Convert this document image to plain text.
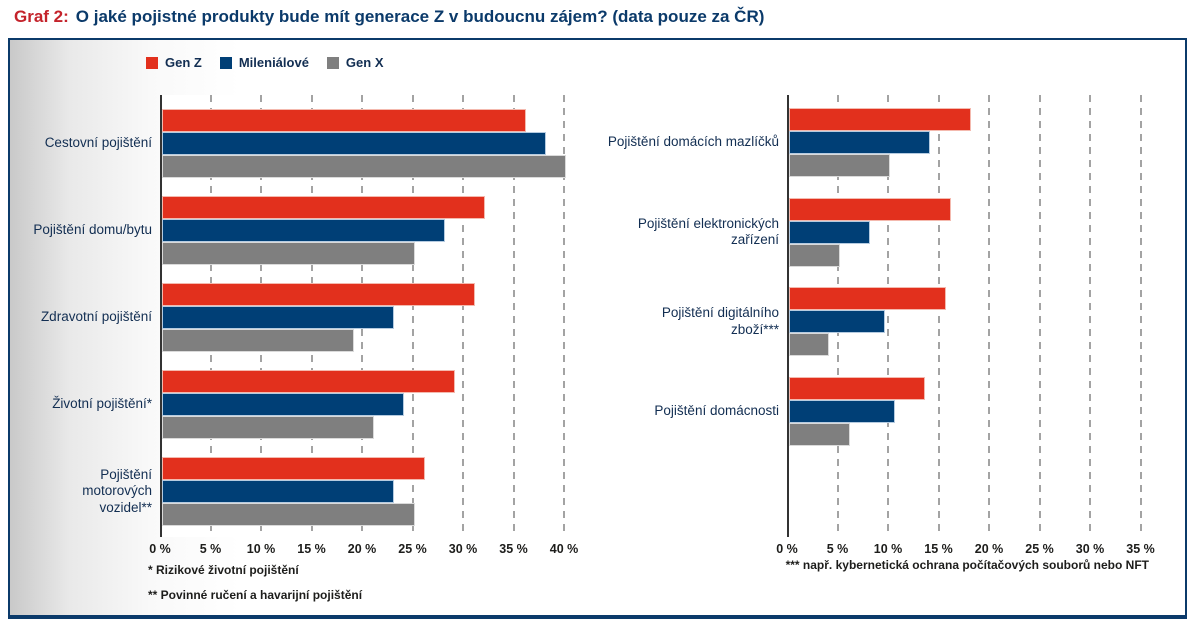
Graf 2: O jaké pojistné produkty bude mít generace Z v budoucnu zájem? (data pouze za ČR)
Gen Z	Mileniálové	Gen X
Cestovní pojištění
Pojištění domu/bytu
Zdravotní pojištění
Životní pojištění*
Pojištění motorových vozidel**
0 % 5 % 10 % 15 % 20 % 25 % 30 % 35 % 40 %
Pojištění domácích mazlíčků
Pojištění elektronických zařízení
Pojištění digitálního zboží***
Pojištění domácnosti
0 % 5 % 10 % 15 % 20 % 25 % 30 % 35 %
* Rizikové životní pojištění
** Povinné ručení a havarijní pojištění
*** např. kybernetická ochrana počítačových souborů nebo NFT
